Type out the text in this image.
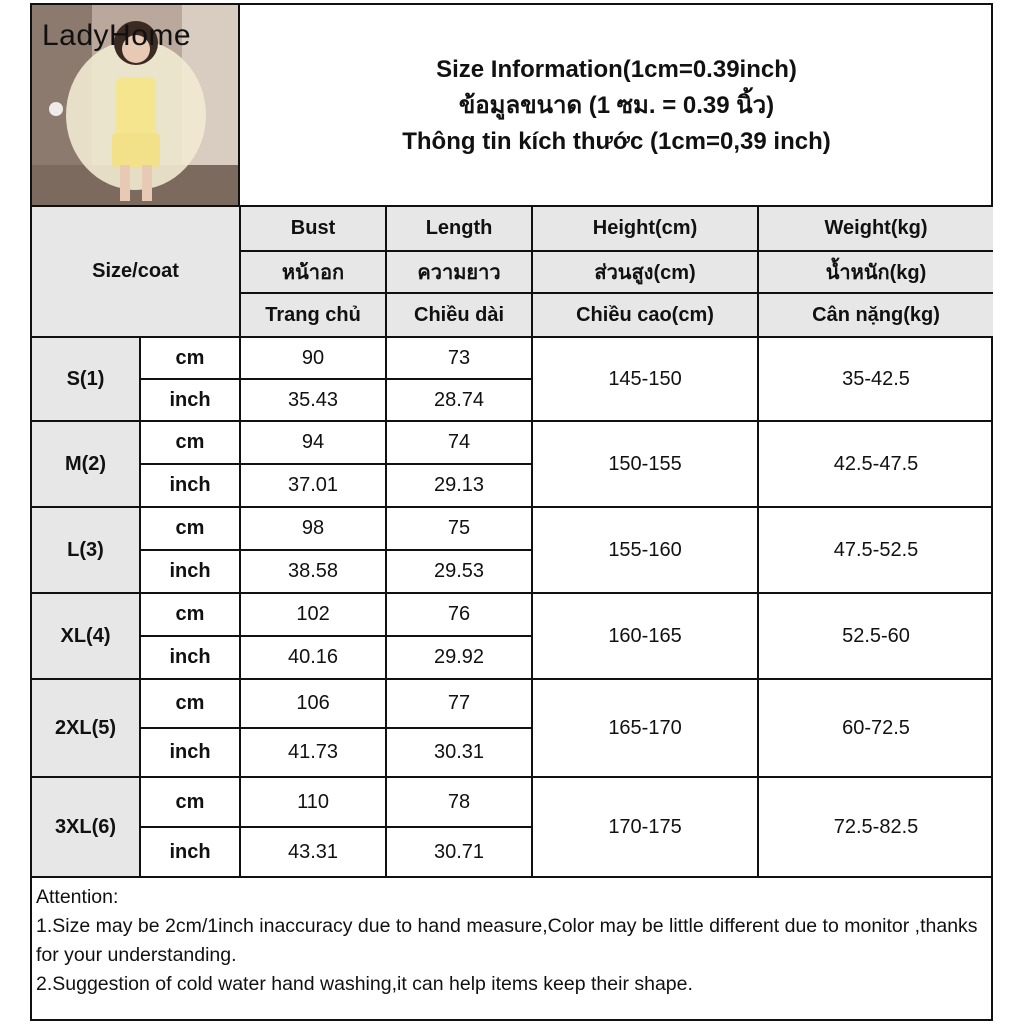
LadyHome
Size Information(1cm=0.39inch)
ข้อมูลขนาด (1 ซม. = 0.39 นิ้ว)
Thông tin kích thước (1cm=0,39 inch)
Size/coat		Bust	Length	Height(cm)	Weight(kg)
		หน้าอก	ความยาว	ส่วนสูง(cm)	น้ำหนัก(kg)
		Trang chủ	Chiều dài	Chiều cao(cm)	Cân nặng(kg)
S(1)	cm	90	73	145-150	35-42.5
	inch	35.43	28.74		
M(2)	cm	94	74	150-155	42.5-47.5
	inch	37.01	29.13		
L(3)	cm	98	75	155-160	47.5-52.5
	inch	38.58	29.53		
XL(4)	cm	102	76	160-165	52.5-60
	inch	40.16	29.92		
2XL(5)	cm	106	77	165-170	60-72.5
	inch	41.73	30.31		
3XL(6)	cm	110	78	170-175	72.5-82.5
	inch	43.31	30.71		
Attention:
1.Size may be 2cm/1inch inaccuracy due to hand measure,Color may be little different due to monitor ,thanks for your understanding.
2.Suggestion of cold water hand washing,it can help items keep their shape.
